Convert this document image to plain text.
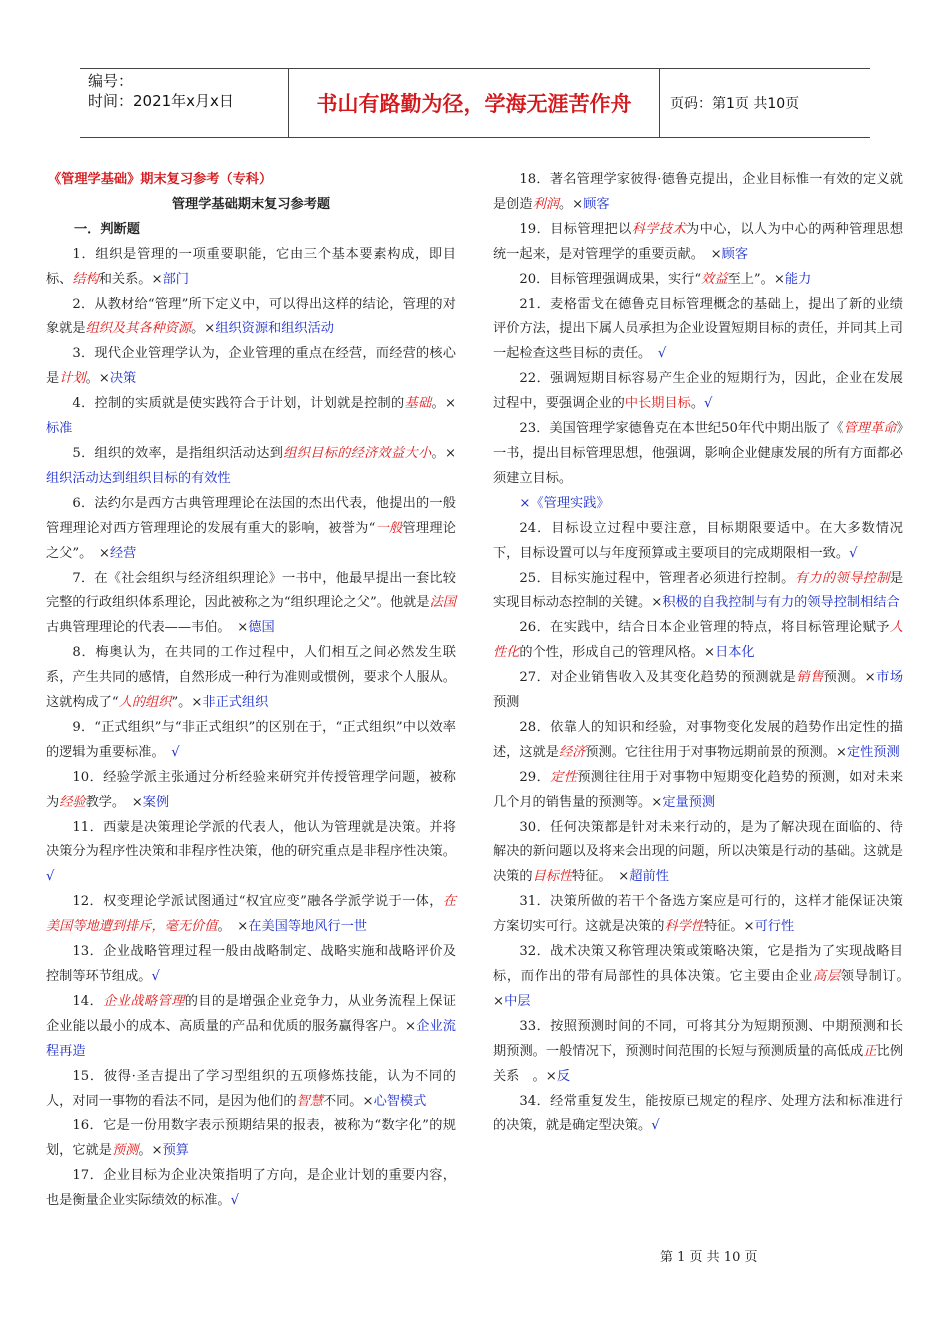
编号：
时间：2021年x月x日	书山有路勤为径，学海无涯苦作舟	页码：第1页 共10页
《管理学基础》期末复习参考（专科）
管理学基础期末复习参考题
一．判断题

1．组织是管理的一项重要职能，它由三个基本要素构成，即目标、结构和关系。×部门

2．从教材给“管理”所下定义中，可以得出这样的结论，管理的对象就是组织及其各种资源。×组织资源和组织活动

3．现代企业管理学认为，企业管理的重点在经营，而经营的核心是计划。×决策

4．控制的实质就是使实践符合于计划，计划就是控制的基础。×标准

5．组织的效率，是指组织活动达到组织目标的经济效益大小。×组织活动达到组织目标的有效性

6．法约尔是西方古典管理理论在法国的杰出代表，他提出的一般管理理论对西方管理理论的发展有重大的影响，被誉为“一般管理理论之父”。　×经营

7．在《社会组织与经济组织理论》一书中，他最早提出一套比较完整的行政组织体系理论，因此被称之为“组织理论之父”。他就是法国古典管理理论的代表——韦伯。　×德国

8．梅奥认为，在共同的工作过程中，人们相互之间必然发生联系，产生共同的感情，自然形成一种行为准则或惯例，要求个人服从。这就构成了“人的组织”。×非正式组织

9．“正式组织”与“非正式组织”的区别在于，“正式组织”中以效率的逻辑为重要标准。　√

10．经验学派主张通过分析经验来研究并传授管理学问题，被称为经验教学。　×案例

11．西蒙是决策理论学派的代表人，他认为管理就是决策。并将决策分为程序性决策和非程序性决策，他的研究重点是非程序性决策。√

12．权变理论学派试图通过“权宜应变”融各学派学说于一体，在美国等地遭到排斥，毫无价值。　×在美国等地风行一世

13．企业战略管理过程一般由战略制定、战略实施和战略评价及控制等环节组成。√

14．企业战略管理的目的是增强企业竞争力，从业务流程上保证企业能以最小的成本、高质量的产品和优质的服务赢得客户。×企业流程再造

15．彼得·圣吉提出了学习型组织的五项修炼技能，认为不同的人，对同一事物的看法不同，是因为他们的智慧不同。×心智模式

16．它是一份用数字表示预期结果的报表，被称为“数字化”的规划，它就是预测。×预算

17．企业目标为企业决策指明了方向，是企业计划的重要内容，也是衡量企业实际绩效的标准。√

18．著名管理学家彼得·德鲁克提出，企业目标惟一有效的定义就是创造利润。×顾客

19．目标管理把以科学技术为中心，以人为中心的两种管理思想统一起来，是对管理学的重要贡献。　×顾客

20．目标管理强调成果，实行“效益至上”。×能力

21．麦格雷戈在德鲁克目标管理概念的基础上，提出了新的业绩评价方法，提出下属人员承担为企业设置短期目标的责任，并同其上司一起检查这些目标的责任。　√

22．强调短期目标容易产生企业的短期行为，因此，企业在发展过程中，要强调企业的中长期目标。√

23．美国管理学家德鲁克在本世纪50年代中期出版了《管理革命》一书，提出目标管理思想，他强调，影响企业健康发展的所有方面都必须建立目标。

×《管理实践》

24．目标设立过程中要注意，目标期限要适中。在大多数情况下，目标设置可以与年度预算或主要项目的完成期限相一致。√

25．目标实施过程中，管理者必须进行控制。有力的领导控制是实现目标动态控制的关键。×积极的自我控制与有力的领导控制相结合

26．在实践中，结合日本企业管理的特点，将目标管理论赋予人性化的个性，形成自己的管理风格。×日本化

27．对企业销售收入及其变化趋势的预测就是销售预测。×市场预测

28．依靠人的知识和经验，对事物变化发展的趋势作出定性的描述，这就是经济预测。它往往用于对事物远期前景的预测。×定性预测

29．定性预测往往用于对事物中短期变化趋势的预测，如对未来几个月的销售量的预测等。×定量预测

30．任何决策都是针对未来行动的，是为了解决现在面临的、待解决的新问题以及将来会出现的问题，所以决策是行动的基础。这就是决策的目标性特征。　×超前性

31．决策所做的若干个备选方案应是可行的，这样才能保证决策方案切实可行。这就是决策的科学性特征。×可行性

32．战术决策又称管理决策或策略决策，它是指为了实现战略目标，而作出的带有局部性的具体决策。它主要由企业高层领导制订。　×中层

33．按照预测时间的不同，可将其分为短期预测、中期预测和长期预测。一般情况下，预测时间范围的长短与预测质量的高低成正比例关系　。×反

34．经常重复发生，能按原已规定的程序、处理方法和标准进行的决策，就是确定型决策。√

第 1 页 共 10 页
